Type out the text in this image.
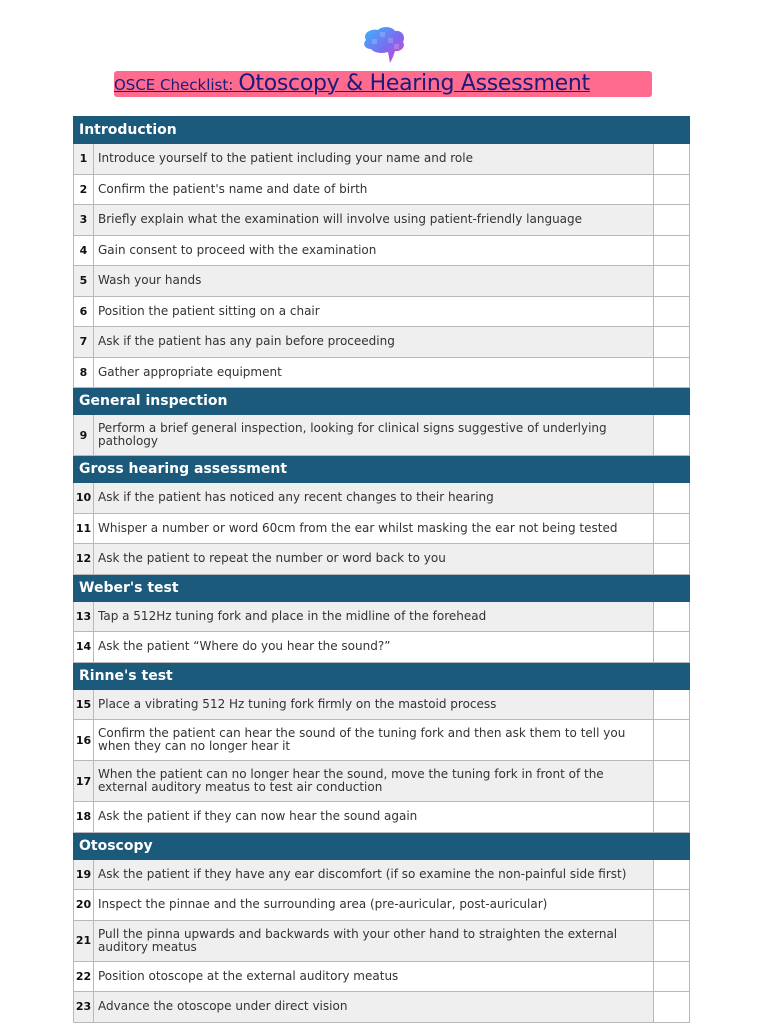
OSCE Checklist: Otoscopy & Hearing Assessment
Introduction		
1	Introduce yourself to the patient including your name and role	
2	Confirm the patient's name and date of birth	
3	Briefly explain what the examination will involve using patient-friendly language	
4	Gain consent to proceed with the examination	
5	Wash your hands	
6	Position the patient sitting on a chair	
7	Ask if the patient has any pain before proceeding	
8	Gather appropriate equipment	
General inspection		
9	Perform a brief general inspection, looking for clinical signs suggestive of underlying pathology	
Gross hearing assessment		
10	Ask if the patient has noticed any recent changes to their hearing	
11	Whisper a number or word 60cm from the ear whilst masking the ear not being tested	
12	Ask the patient to repeat the number or word back to you	
Weber's test		
13	Tap a 512Hz tuning fork and place in the midline of the forehead	
14	Ask the patient “Where do you hear the sound?”	
Rinne's test		
15	Place a vibrating 512 Hz tuning fork firmly on the mastoid process	
16	Confirm the patient can hear the sound of the tuning fork and then ask them to tell you when they can no longer hear it	
17	When the patient can no longer hear the sound, move the tuning fork in front of the external auditory meatus to test air conduction	
18	Ask the patient if they can now hear the sound again	
Otoscopy		
19	Ask the patient if they have any ear discomfort (if so examine the non-painful side first)	
20	Inspect the pinnae and the surrounding area (pre-auricular, post-auricular)	
21	Pull the pinna upwards and backwards with your other hand to straighten the external auditory meatus	
22	Position otoscope at the external auditory meatus	
23	Advance the otoscope under direct vision	
